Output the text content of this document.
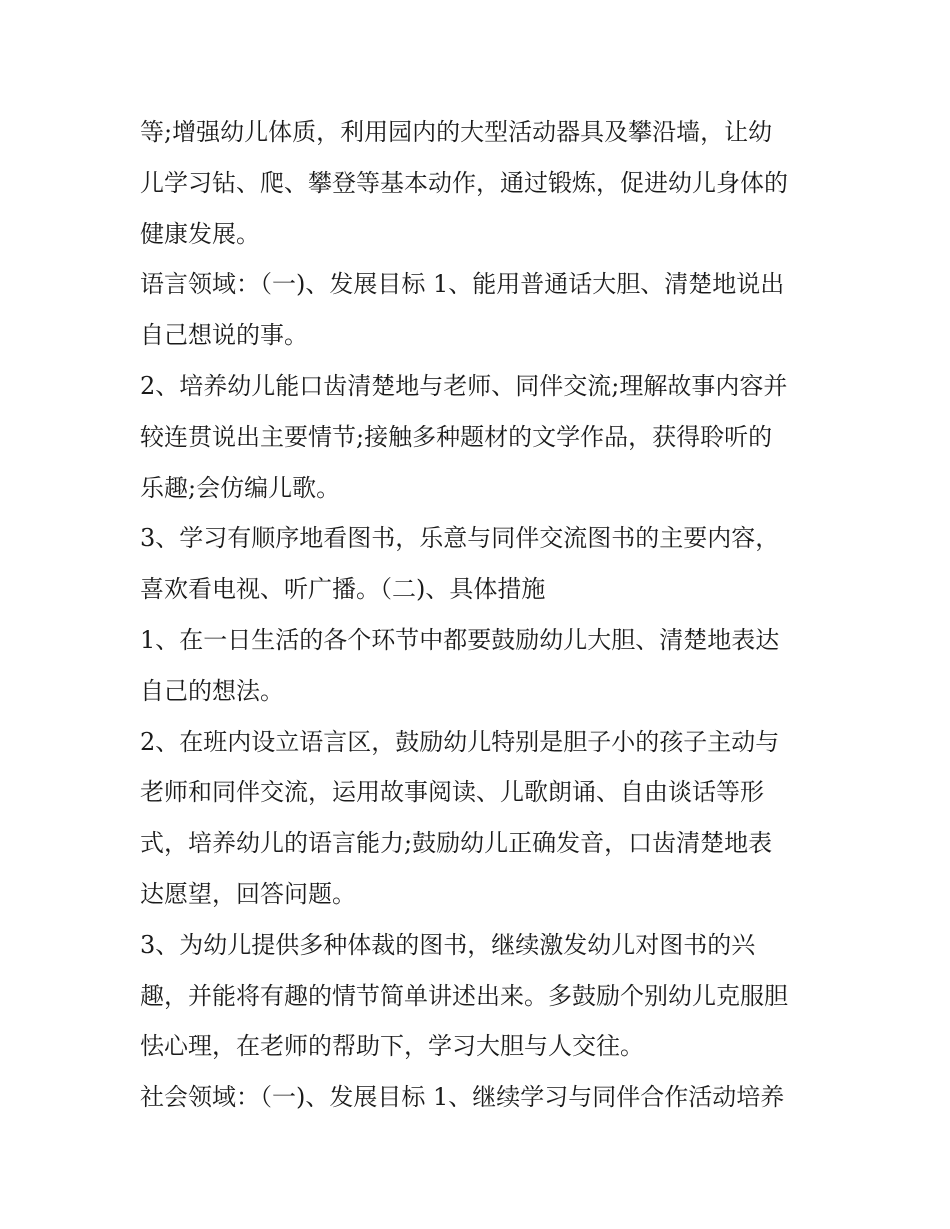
等;增强幼儿体质，利用园内的大型活动器具及攀沿墙，让幼
儿学习钻、爬、攀登等基本动作，通过锻炼，促进幼儿身体的
健康发展。
语言领域：（一)、发展目标 1、能用普通话大胆、清楚地说出
自己想说的事。
2、培养幼儿能口齿清楚地与老师、同伴交流;理解故事内容并
较连贯说出主要情节;接触多种题材的文学作品，获得聆听的
乐趣;会仿编儿歌。
3、学习有顺序地看图书，乐意与同伴交流图书的主要内容，
喜欢看电视、听广播。（二)、具体措施
1、在一日生活的各个环节中都要鼓励幼儿大胆、清楚地表达
自己的想法。
2、在班内设立语言区，鼓励幼儿特别是胆子小的孩子主动与
老师和同伴交流，运用故事阅读、儿歌朗诵、自由谈话等形
式，培养幼儿的语言能力;鼓励幼儿正确发音，口齿清楚地表
达愿望，回答问题。
3、为幼儿提供多种体裁的图书，继续激发幼儿对图书的兴
趣，并能将有趣的情节简单讲述出来。多鼓励个别幼儿克服胆
怯心理，在老师的帮助下，学习大胆与人交往。
社会领域：（一)、发展目标 1、继续学习与同伴合作活动培养
